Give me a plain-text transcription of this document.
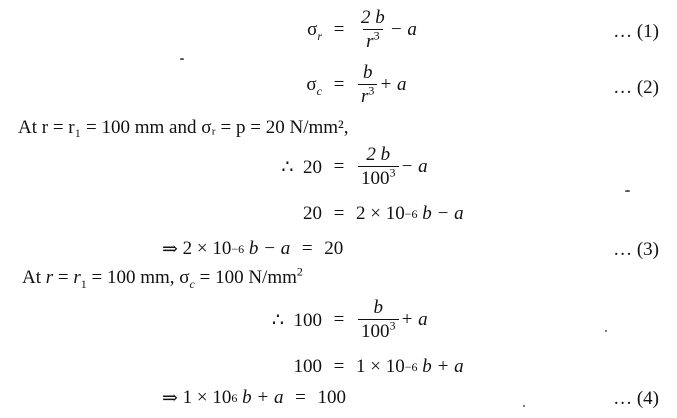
$\sigma_r = \frac{2 b}{r^3} - a$	… (1)
$\sigma_c = \frac{b}{r^3} + a$	… (2)
At r = r₁ = 100 mm and σᵣ = p = 20 N/mm²,
∴ $20 = \frac{2 b}{100^3} - a$
20 = 2 × 10 −6
b − a
⇒
2 × 10 −6
b − a = 20	… (3)
At $r = r_1 = 100$ mm, $\sigma_c = 100$ $N/mm^2$
∴ $100 = \frac{b}{100^3} + a$
100 = 1 × 10 −6
b + a
⇒
1 × 10 6
b + a = 100	… (4)
